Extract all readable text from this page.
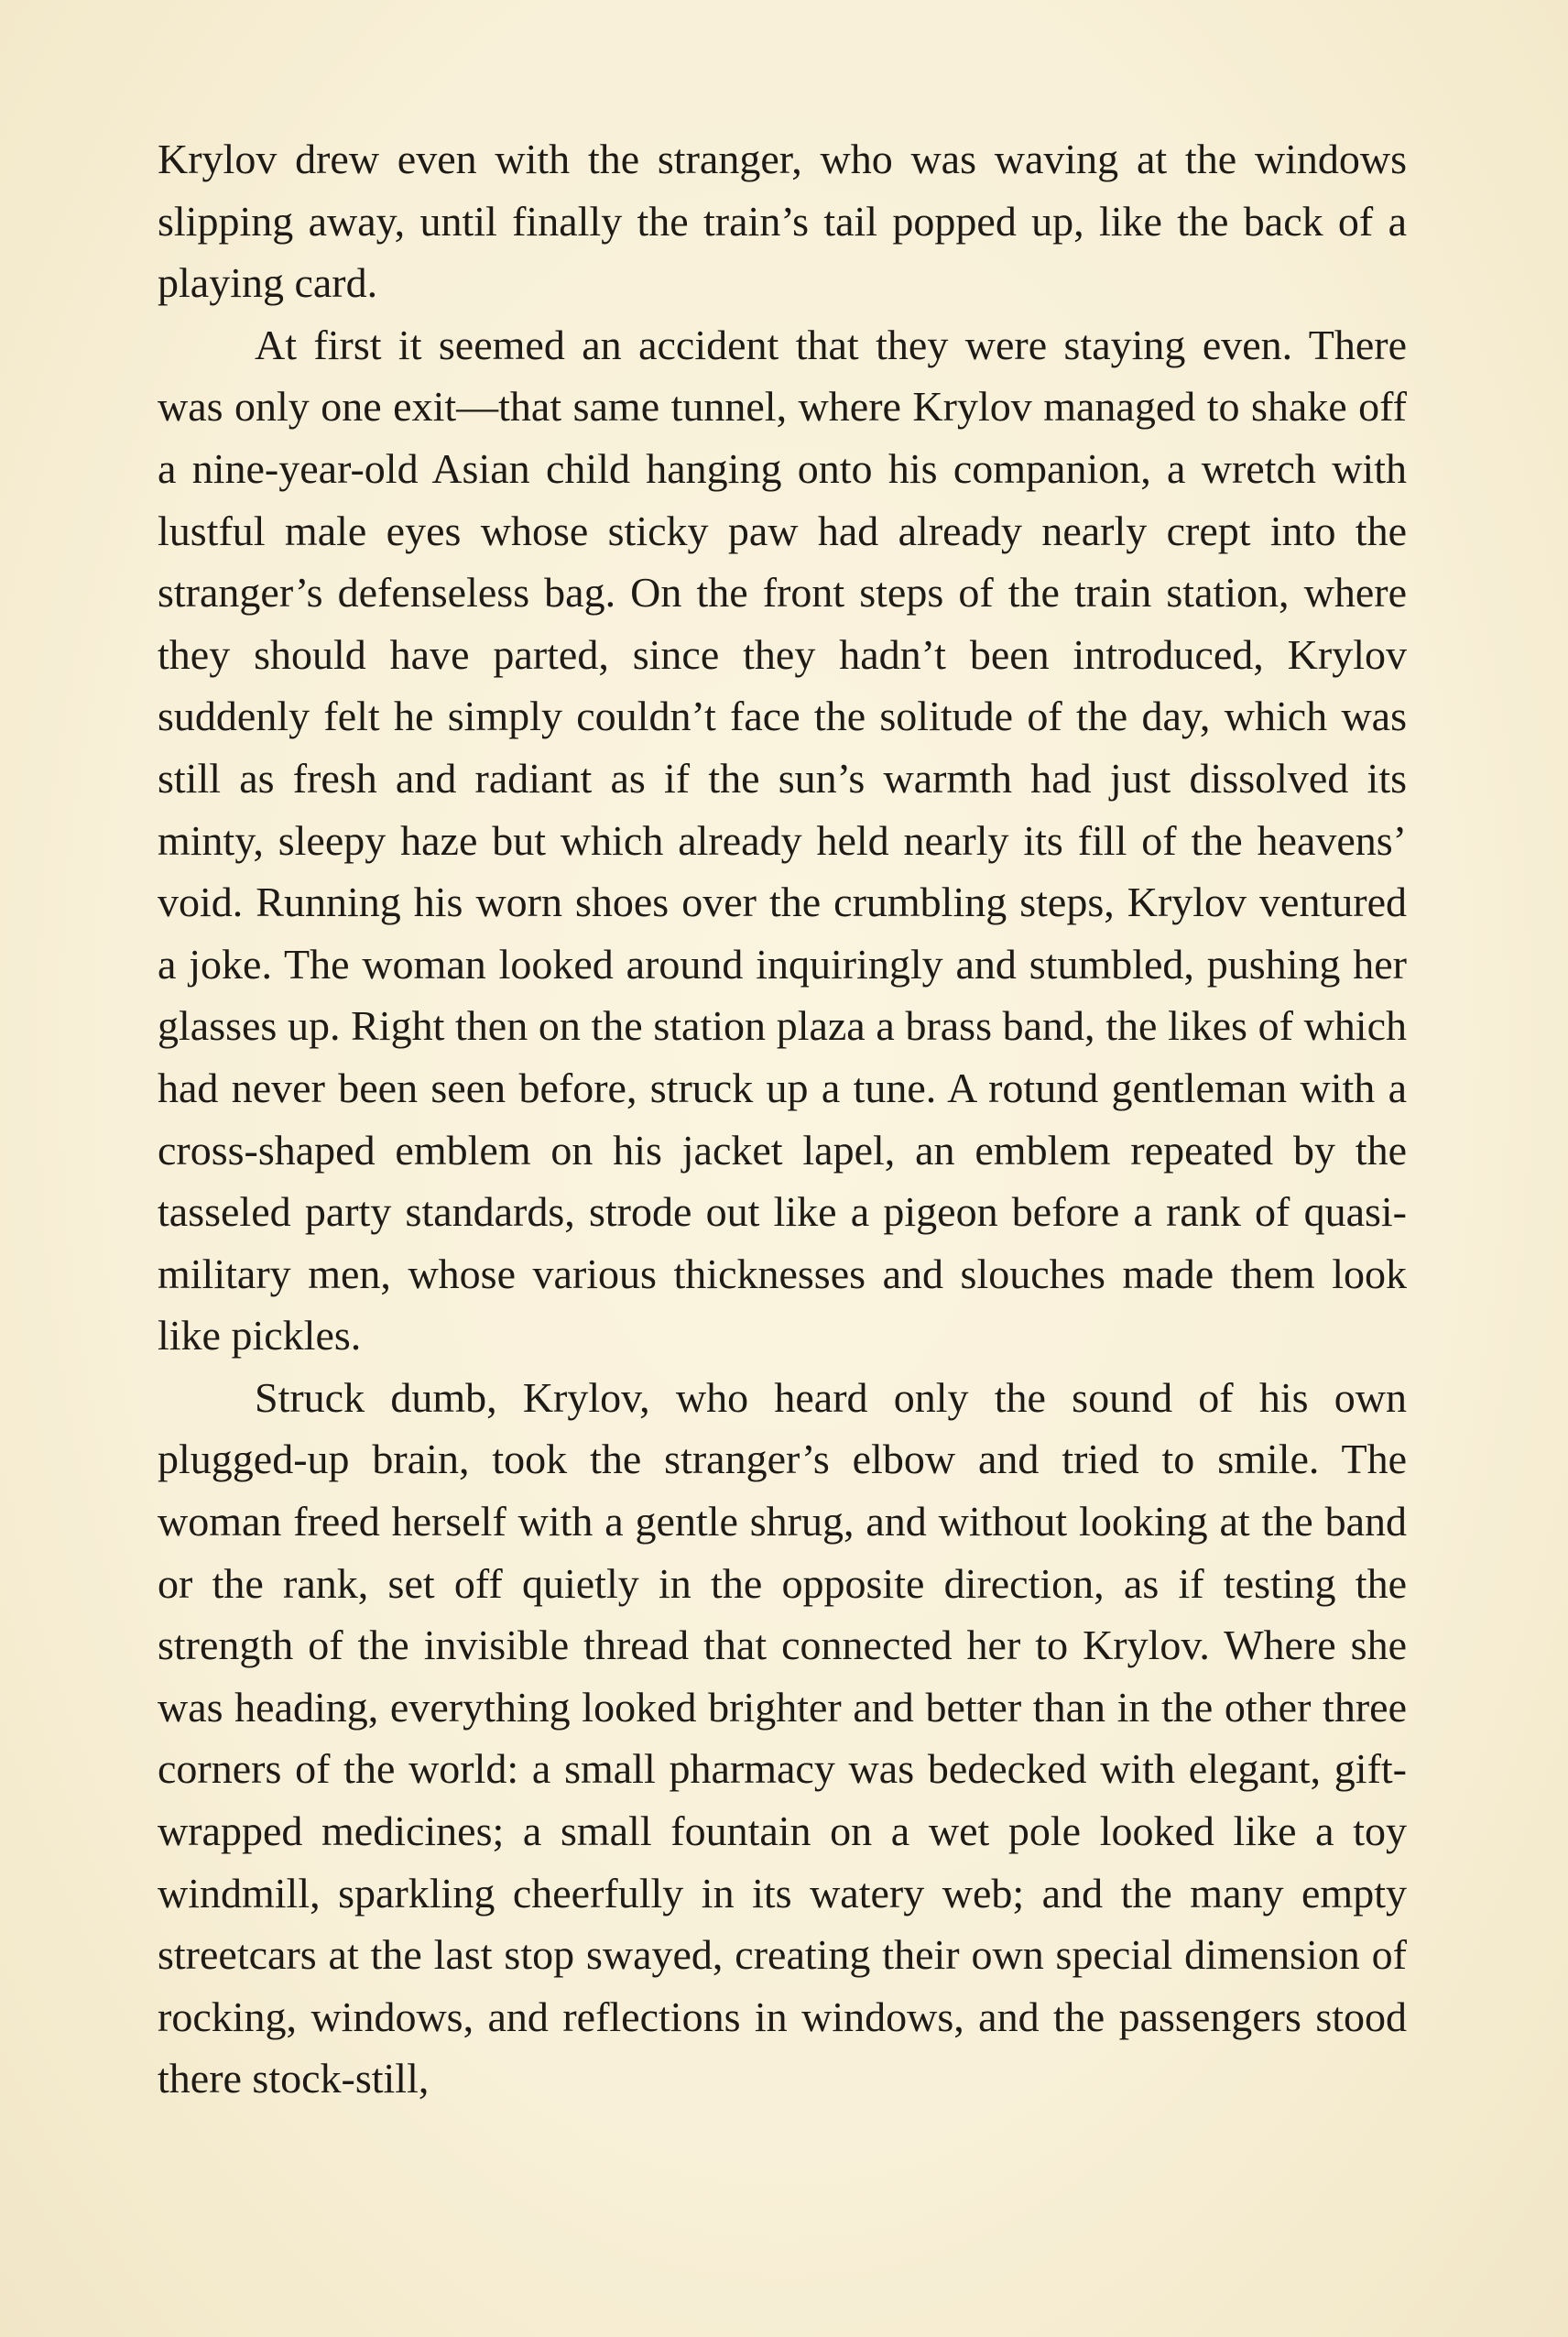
Krylov drew even with the stranger, who was waving at the windows slipping away, until finally the train’s tail popped up, like the back of a playing card.

At first it seemed an accident that they were staying even. There was only one exit—that same tunnel, where Krylov managed to shake off a nine-year-old Asian child hanging onto his companion, a wretch with lustful male eyes whose sticky paw had already nearly crept into the stranger’s defenseless bag. On the front steps of the train station, where they should have parted, since they hadn’t been introduced, Krylov suddenly felt he simply couldn’t face the solitude of the day, which was still as fresh and radiant as if the sun’s warmth had just dissolved its minty, sleepy haze but which already held nearly its fill of the heavens’ void. Running his worn shoes over the crumbling steps, Krylov ventured a joke. The woman looked around inquiringly and stumbled, pushing her glasses up. Right then on the station plaza a brass band, the likes of which had never been seen before, struck up a tune. A rotund gentleman with a cross-shaped emblem on his jacket lapel, an emblem repeated by the tasseled party standards, strode out like a pigeon before a rank of quasi-military men, whose various thicknesses and slouches made them look like pickles.

Struck dumb, Krylov, who heard only the sound of his own plugged-up brain, took the stranger’s elbow and tried to smile. The woman freed herself with a gentle shrug, and without looking at the band or the rank, set off quietly in the opposite direction, as if testing the strength of the invisible thread that connected her to Krylov. Where she was heading, everything looked brighter and better than in the other three corners of the world: a small pharmacy was bedecked with elegant, gift-wrapped medicines; a small fountain on a wet pole looked like a toy windmill, sparkling cheerfully in its watery web; and the many empty streetcars at the last stop swayed, creating their own special dimension of rocking, windows, and reflections in windows, and the passengers stood there stock-still,
